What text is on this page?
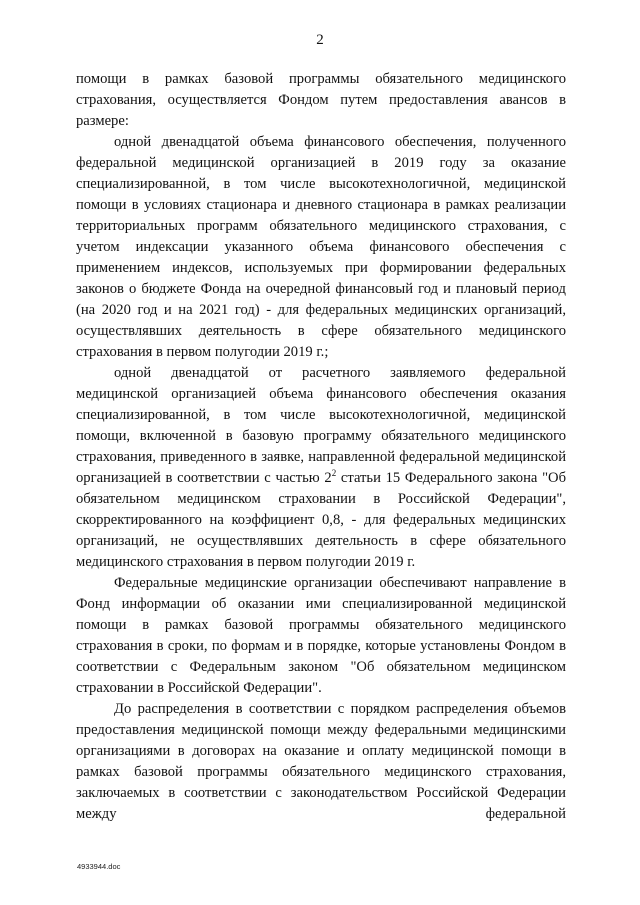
2

помощи в рамках базовой программы обязательного медицинского страхования, осуществляется Фондом путем предоставления авансов в размере:

одной двенадцатой объема финансового обеспечения, полученного федеральной медицинской организацией в 2019 году за оказание специализированной, в том числе высокотехнологичной, медицинской помощи в условиях стационара и дневного стационара в рамках реализации территориальных программ обязательного медицинского страхования, с учетом индексации указанного объема финансового обеспечения с применением индексов, используемых при формировании федеральных законов о бюджете Фонда на очередной финансовый год и плановый период (на 2020 год и на 2021 год) - для федеральных медицинских организаций, осуществлявших деятельность в сфере обязательного медицинского страхования в первом полугодии 2019 г.;

одной двенадцатой от расчетного заявляемого федеральной медицинской организацией объема финансового обеспечения оказания специализированной, в том числе высокотехнологичной, медицинской помощи, включенной в базовую программу обязательного медицинского страхования, приведенного в заявке, направленной федеральной медицинской организацией в соответствии с частью $2^2$ статьи 15 Федерального закона "Об обязательном медицинском страховании в Российской Федерации", скорректированного на коэффициент 0,8, - для федеральных медицинских организаций, не осуществлявших деятельность в сфере обязательного медицинского страхования в первом полугодии 2019 г.

Федеральные медицинские организации обеспечивают направление в Фонд информации об оказании ими специализированной медицинской помощи в рамках базовой программы обязательного медицинского страхования в сроки, по формам и в порядке, которые установлены Фондом в соответствии с Федеральным законом "Об обязательном медицинском страховании в Российской Федерации".

До распределения в соответствии с порядком распределения объемов предоставления медицинской помощи между федеральными медицинскими организациями в договорах на оказание и оплату медицинской помощи в рамках базовой программы обязательного медицинского страхования, заключаемых в соответствии с законодательством Российской Федерации между федеральной

4933944.doc
